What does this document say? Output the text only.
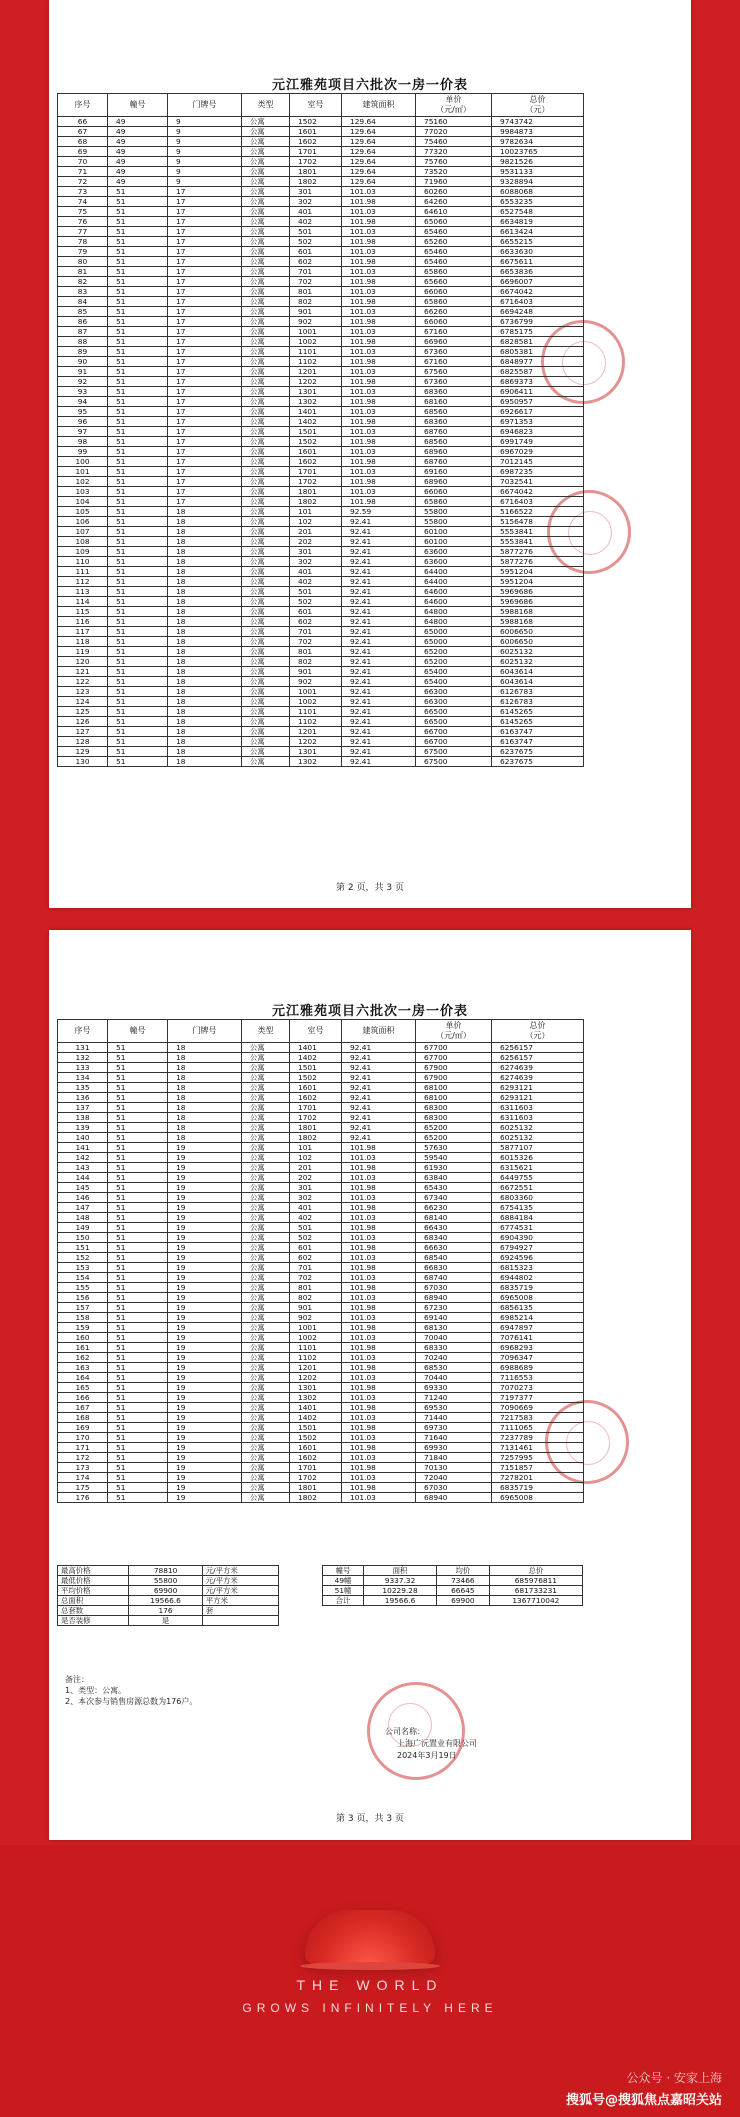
元江雅苑项目六批次一房一价表
序号	幢号	门牌号	类型	室号	建筑面积	单价
（元/㎡）	总价
（元）
66	49	9	公寓	1502	129.64	75160	9743742
67	49	9	公寓	1601	129.64	77020	9984873
68	49	9	公寓	1602	129.64	75460	9782634
69	49	9	公寓	1701	129.64	77320	10023765
70	49	9	公寓	1702	129.64	75760	9821526
71	49	9	公寓	1801	129.64	73520	9531133
72	49	9	公寓	1802	129.64	71960	9328894
73	51	17	公寓	301	101.03	60260	6088068
74	51	17	公寓	302	101.98	64260	6553235
75	51	17	公寓	401	101.03	64610	6527548
76	51	17	公寓	402	101.98	65060	6634819
77	51	17	公寓	501	101.03	65460	6613424
78	51	17	公寓	502	101.98	65260	6655215
79	51	17	公寓	601	101.03	65460	6633630
80	51	17	公寓	602	101.98	65460	6675611
81	51	17	公寓	701	101.03	65860	6653836
82	51	17	公寓	702	101.98	65660	6696007
83	51	17	公寓	801	101.03	66060	6674042
84	51	17	公寓	802	101.98	65860	6716403
85	51	17	公寓	901	101.03	66260	6694248
86	51	17	公寓	902	101.98	66060	6736799
87	51	17	公寓	1001	101.03	67160	6785175
88	51	17	公寓	1002	101.98	66960	6828581
89	51	17	公寓	1101	101.03	67360	6805381
90	51	17	公寓	1102	101.98	67160	6848977
91	51	17	公寓	1201	101.03	67560	6825587
92	51	17	公寓	1202	101.98	67360	6869373
93	51	17	公寓	1301	101.03	68360	6906411
94	51	17	公寓	1302	101.98	68160	6950957
95	51	17	公寓	1401	101.03	68560	6926617
96	51	17	公寓	1402	101.98	68360	6971353
97	51	17	公寓	1501	101.03	68760	6946823
98	51	17	公寓	1502	101.98	68560	6991749
99	51	17	公寓	1601	101.03	68960	6967029
100	51	17	公寓	1602	101.98	68760	7012145
101	51	17	公寓	1701	101.03	69160	6987235
102	51	17	公寓	1702	101.98	68960	7032541
103	51	17	公寓	1801	101.03	66060	6674042
104	51	17	公寓	1802	101.98	65860	6716403
105	51	18	公寓	101	92.59	55800	5166522
106	51	18	公寓	102	92.41	55800	5156478
107	51	18	公寓	201	92.41	60100	5553841
108	51	18	公寓	202	92.41	60100	5553841
109	51	18	公寓	301	92.41	63600	5877276
110	51	18	公寓	302	92.41	63600	5877276
111	51	18	公寓	401	92.41	64400	5951204
112	51	18	公寓	402	92.41	64400	5951204
113	51	18	公寓	501	92.41	64600	5969686
114	51	18	公寓	502	92.41	64600	5969686
115	51	18	公寓	601	92.41	64800	5988168
116	51	18	公寓	602	92.41	64800	5988168
117	51	18	公寓	701	92.41	65000	6006650
118	51	18	公寓	702	92.41	65000	6006650
119	51	18	公寓	801	92.41	65200	6025132
120	51	18	公寓	802	92.41	65200	6025132
121	51	18	公寓	901	92.41	65400	6043614
122	51	18	公寓	902	92.41	65400	6043614
123	51	18	公寓	1001	92.41	66300	6126783
124	51	18	公寓	1002	92.41	66300	6126783
125	51	18	公寓	1101	92.41	66500	6145265
126	51	18	公寓	1102	92.41	66500	6145265
127	51	18	公寓	1201	92.41	66700	6163747
128	51	18	公寓	1202	92.41	66700	6163747
129	51	18	公寓	1301	92.41	67500	6237675
130	51	18	公寓	1302	92.41	67500	6237675
第 2 页，共 3 页
元江雅苑项目六批次一房一价表
序号	幢号	门牌号	类型	室号	建筑面积	单价
（元/㎡）	总价
（元）
131	51	18	公寓	1401	92.41	67700	6256157
132	51	18	公寓	1402	92.41	67700	6256157
133	51	18	公寓	1501	92.41	67900	6274639
134	51	18	公寓	1502	92.41	67900	6274639
135	51	18	公寓	1601	92.41	68100	6293121
136	51	18	公寓	1602	92.41	68100	6293121
137	51	18	公寓	1701	92.41	68300	6311603
138	51	18	公寓	1702	92.41	68300	6311603
139	51	18	公寓	1801	92.41	65200	6025132
140	51	18	公寓	1802	92.41	65200	6025132
141	51	19	公寓	101	101.98	57630	5877107
142	51	19	公寓	102	101.03	59540	6015326
143	51	19	公寓	201	101.98	61930	6315621
144	51	19	公寓	202	101.03	63840	6449755
145	51	19	公寓	301	101.98	65430	6672551
146	51	19	公寓	302	101.03	67340	6803360
147	51	19	公寓	401	101.98	66230	6754135
148	51	19	公寓	402	101.03	68140	6884184
149	51	19	公寓	501	101.98	66430	6774531
150	51	19	公寓	502	101.03	68340	6904390
151	51	19	公寓	601	101.98	66630	6794927
152	51	19	公寓	602	101.03	68540	6924596
153	51	19	公寓	701	101.98	66830	6815323
154	51	19	公寓	702	101.03	68740	6944802
155	51	19	公寓	801	101.98	67030	6835719
156	51	19	公寓	802	101.03	68940	6965008
157	51	19	公寓	901	101.98	67230	6856135
158	51	19	公寓	902	101.03	69140	6985214
159	51	19	公寓	1001	101.98	68130	6947897
160	51	19	公寓	1002	101.03	70040	7076141
161	51	19	公寓	1101	101.98	68330	6968293
162	51	19	公寓	1102	101.03	70240	7096347
163	51	19	公寓	1201	101.98	68530	6988689
164	51	19	公寓	1202	101.03	70440	7116553
165	51	19	公寓	1301	101.98	69330	7070273
166	51	19	公寓	1302	101.03	71240	7197377
167	51	19	公寓	1401	101.98	69530	7090669
168	51	19	公寓	1402	101.03	71440	7217583
169	51	19	公寓	1501	101.98	69730	7111065
170	51	19	公寓	1502	101.03	71640	7237789
171	51	19	公寓	1601	101.98	69930	7131461
172	51	19	公寓	1602	101.03	71840	7257995
173	51	19	公寓	1701	101.98	70130	7151857
174	51	19	公寓	1702	101.03	72040	7278201
175	51	19	公寓	1801	101.98	67030	6835719
176	51	19	公寓	1802	101.03	68940	6965008
最高价格	78810	元/平方米
最低价格	55800	元/平方米
平均价格	69900	元/平方米
总面积	19566.6	平方米
总套数	176	套
是否装修	是	
幢号	面积	均价	总价
49幢	9337.32	73466	685976811
51幢	10229.28	66645	681733231
合计	19566.6	69900	1367710042
备注：
1、类型：公寓。
2、本次参与销售房源总数为176户。
公司名称：
上海广沅置业有限公司
2024年3月19日
第 3 页，共 3 页
THE WORLD
GROWS INFINITELY HERE
公众号 · 安家上海
搜狐号@搜狐焦点嘉昭关站
